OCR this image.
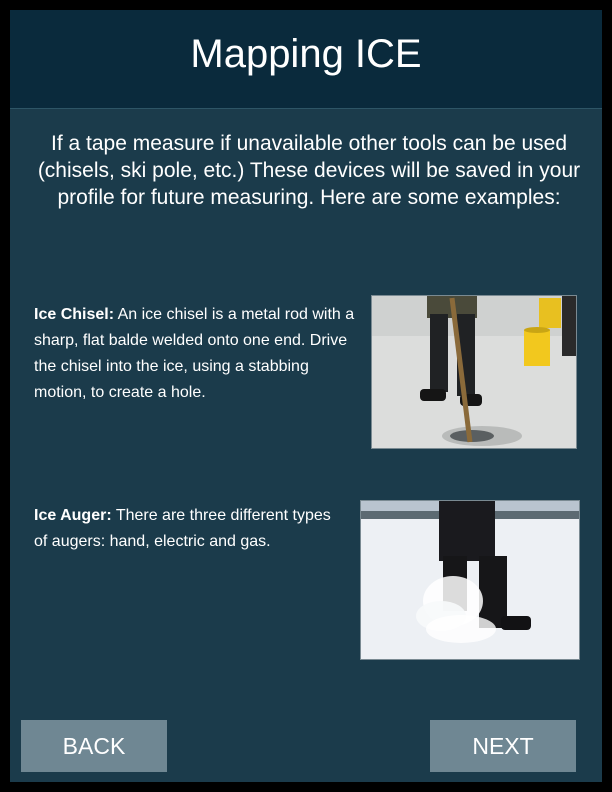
Mapping ICE
If a tape measure if unavailable other tools can be used (chisels, ski pole, etc.) These devices will be saved in your profile for future measuring. Here are some examples:
Ice Chisel: An ice chisel is a metal rod with a sharp, flat balde welded onto one end. Drive the chisel into the ice, using a stabbing motion, to create a hole.
Ice Auger: There are three different types of augers: hand, electric and gas.
BACK	NEXT
